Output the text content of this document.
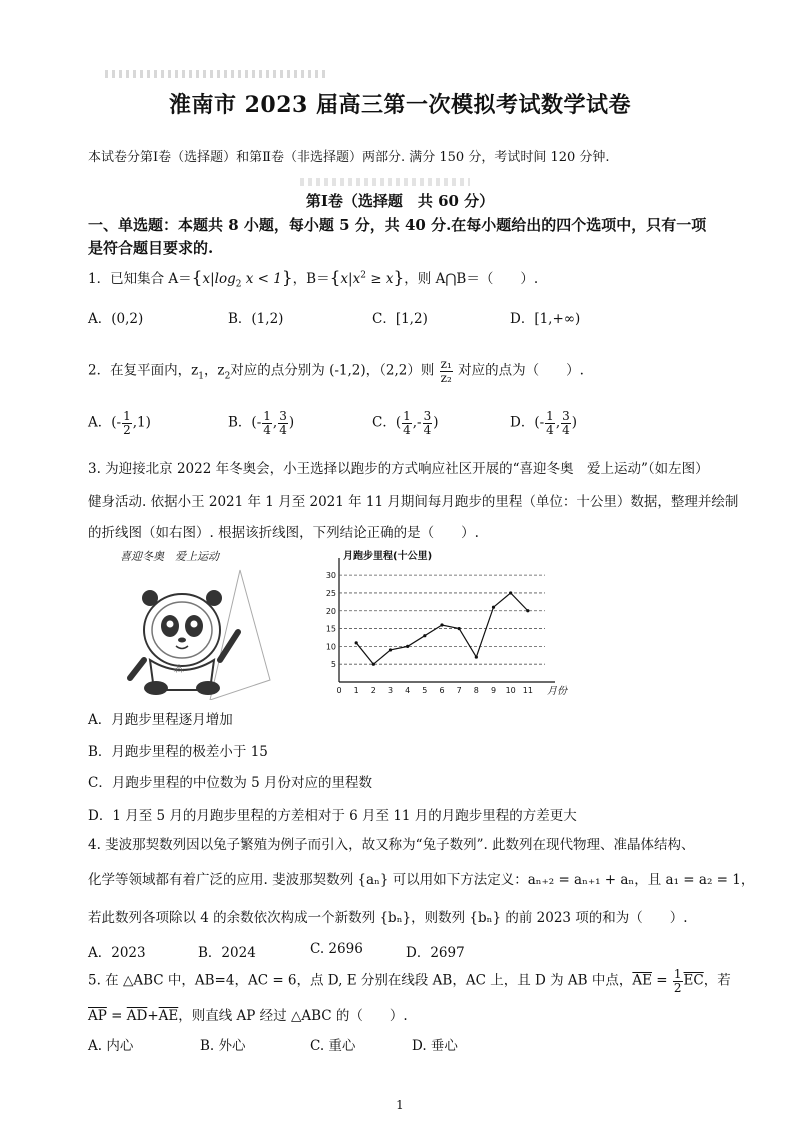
淮南市 2023 届高三第一次模拟考试数学试卷
本试卷分第Ⅰ卷（选择题）和第Ⅱ卷（非选择题）两部分. 满分 150 分，考试时间 120 分钟.
第Ⅰ卷（选择题　共 60 分）
一、单选题：本题共 8 小题，每小题 5 分，共 40 分.在每小题给出的四个选项中，只有一项
是符合题目要求的.
1．已知集合 $A=\{x|\log_2$ x < 1}，$B=\{x|x^2 \ge x\}$，则 A⋂B＝（　　）.
A．(0,2)	B．(1,2)	C．[1,2)	D．[1,+∞)
2．在复平面内，$z_1$，$z_2$对应的点分别为 (-1,2)，（2,2）则 $\frac{\text{z₁}}{\text{z₂}}$ 对应的点为（　　）.
A．(- $\frac{1}{2} ,1$)	B．(- $\frac{1}{4}$ , $\frac{3}{4}$ )	C．( $\frac{1}{4}$ ,- $\frac{3}{4}$ )	D．(- $\frac{1}{4}$ , $\frac{3}{4}$ )
3. 为迎接北京 2022 年冬奥会，小王选择以跑步的方式响应社区开展的“喜迎冬奥　爱上运动”（如左图）
健身活动. 依据小王 2021 年 1 月至 2021 年 11 月期间每月跑步的里程（单位：十公里）数据，整理并绘制
的折线图（如右图）. 根据该折线图，下列结论正确的是（　　）.
喜迎冬奥　爱上运动
⁂
月跑步里程(十公里)
月份
5
10
15
20
25
30
0 1 2 3 4 5 6 7 8 9 10 11
A．月跑步里程逐月增加
B．月跑步里程的极差小于 15
C．月跑步里程的中位数为 5 月份对应的里程数
D．1 月至 5 月的月跑步里程的方差相对于 6 月至 11 月的月跑步里程的方差更大
4. 斐波那契数列因以兔子繁殖为例子而引入，故又称为“兔子数列”. 此数列在现代物理、准晶体结构、
化学等领域都有着广泛的应用. 斐波那契数列 {aₙ} 可以用如下方法定义：aₙ₊₂ = aₙ₊₁ + aₙ，且 a₁ = a₂ = 1，
若此数列各项除以 4 的余数依次构成一个新数列 {bₙ}，则数列 {bₙ} 的前 2023 项的和为（　　）.
A．2023	B．2024	C. 2696	D．2697
5. 在 △ABC 中，AB=4，AC = 6，点 D, E 分别在线段 AB，AC 上，且 D 为 AB 中点，$\overline{AE} = \frac{1}{2} \overline{EC}$，若
$\overline{AP} = \overline{AD}+\overline{AE}$，则直线 AP 经过 △ABC 的（　　）.
A. 内心	B. 外心	C. 重心	D. 垂心
1
